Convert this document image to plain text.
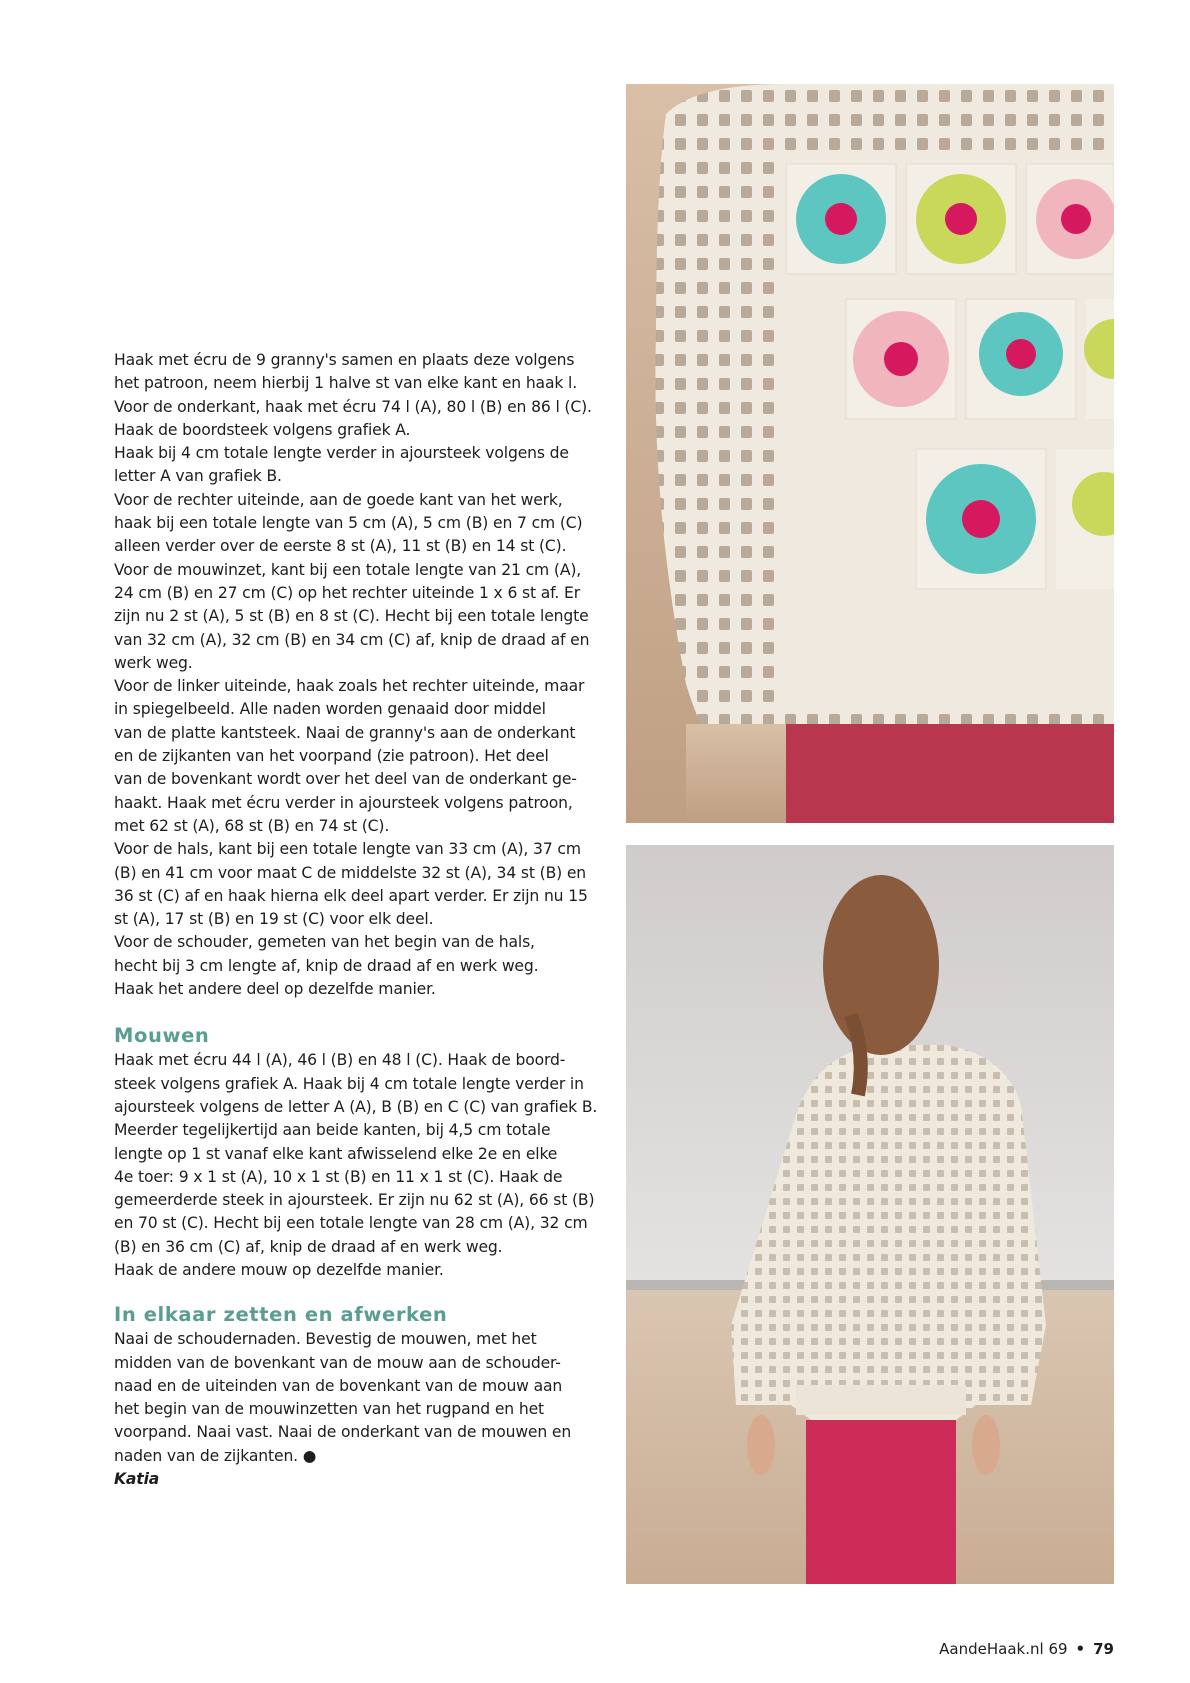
Haak met écru de 9 granny's samen en plaats deze volgens
het patroon, neem hierbij 1 halve st van elke kant en haak l.
Voor de onderkant, haak met écru 74 l (A), 80 l (B) en 86 l (C).
Haak de boordsteek volgens grafiek A.
Haak bij 4 cm totale lengte verder in ajoursteek volgens de
letter A van grafiek B.
Voor de rechter uiteinde, aan de goede kant van het werk,
haak bij een totale lengte van 5 cm (A), 5 cm (B) en 7 cm (C)
alleen verder over de eerste 8 st (A), 11 st (B) en 14 st (C).
Voor de mouwinzet, kant bij een totale lengte van 21 cm (A),
24 cm (B) en 27 cm (C) op het rechter uiteinde 1 x 6 st af. Er
zijn nu 2 st (A), 5 st (B) en 8 st (C). Hecht bij een totale lengte
van 32 cm (A), 32 cm (B) en 34 cm (C) af, knip de draad af en
werk weg.
Voor de linker uiteinde, haak zoals het rechter uiteinde, maar
in spiegelbeeld. Alle naden worden genaaid door middel
van de platte kantsteek. Naai de granny's aan de onderkant
en de zijkanten van het voorpand (zie patroon). Het deel
van de bovenkant wordt over het deel van de onderkant ge-
haakt. Haak met écru verder in ajoursteek volgens patroon,
met 62 st (A), 68 st (B) en 74 st (C).
Voor de hals, kant bij een totale lengte van 33 cm (A), 37 cm
(B) en 41 cm voor maat C de middelste 32 st (A), 34 st (B) en
36 st (C) af en haak hierna elk deel apart verder. Er zijn nu 15
st (A), 17 st (B) en 19 st (C) voor elk deel.
Voor de schouder, gemeten van het begin van de hals,
hecht bij 3 cm lengte af, knip de draad af en werk weg.
Haak het andere deel op dezelfde manier.

Mouwen

Haak met écru 44 l (A), 46 l (B) en 48 l (C). Haak de boord-
steek volgens grafiek A. Haak bij 4 cm totale lengte verder in
ajoursteek volgens de letter A (A), B (B) en C (C) van grafiek B.
Meerder tegelijkertijd aan beide kanten, bij 4,5 cm totale
lengte op 1 st vanaf elke kant afwisselend elke 2e en elke
4e toer: 9 x 1 st (A), 10 x 1 st (B) en 11 x 1 st (C). Haak de
gemeerderde steek in ajoursteek. Er zijn nu 62 st (A), 66 st (B)
en 70 st (C). Hecht bij een totale lengte van 28 cm (A), 32 cm
(B) en 36 cm (C) af, knip de draad af en werk weg.
Haak de andere mouw op dezelfde manier.

In elkaar zetten en afwerken

Naai de schoudernaden. Bevestig de mouwen, met het
midden van de bovenkant van de mouw aan de schouder-
naad en de uiteinden van de bovenkant van de mouw aan
het begin van de mouwinzetten van het rugpand en het
voorpand. Naai vast. Naai de onderkant van de mouwen en
naden van de zijkanten. ●

Katia

AandeHaak.nl 69 • 79
